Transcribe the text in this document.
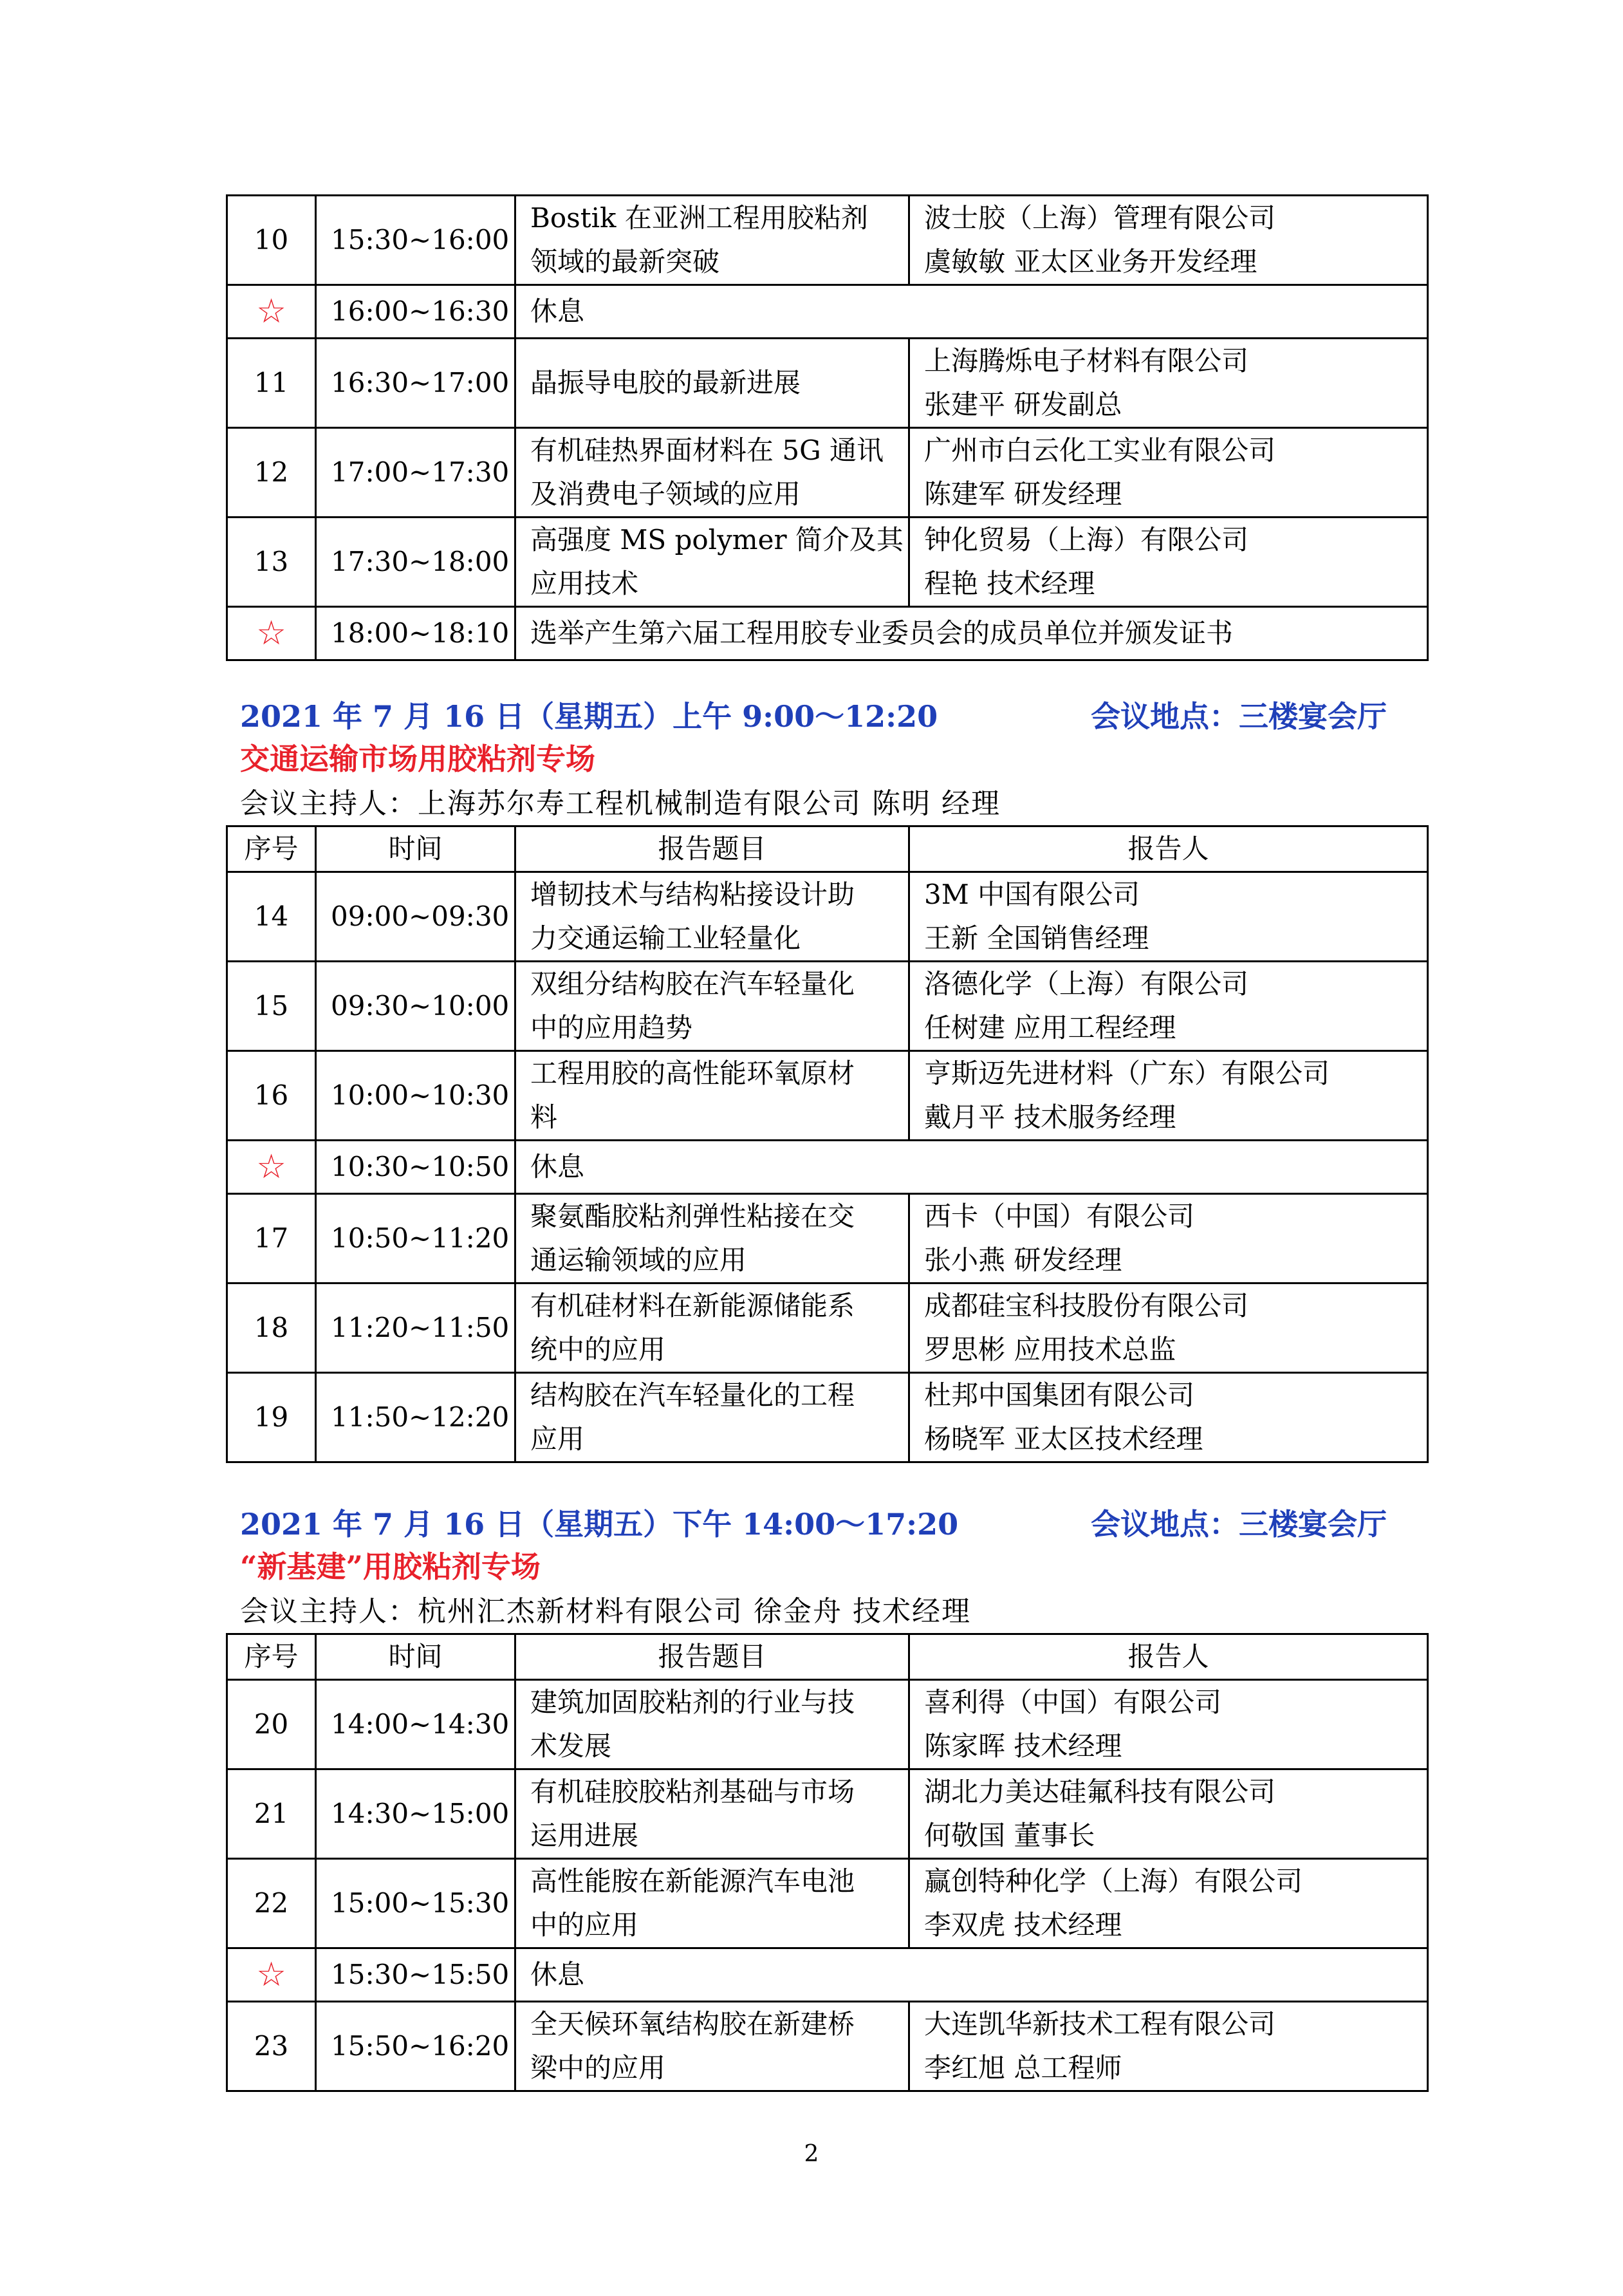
10	15:30~16:00	Bostik 在亚洲工程用胶粘剂
领域的最新突破	波士胶（上海）管理有限公司
虞敏敏 亚太区业务开发经理

☆	16:00~16:30	休息	

11	16:30~17:00	晶振导电胶的最新进展	上海腾烁电子材料有限公司
张建平 研发副总

12	17:00~17:30	有机硅热界面材料在 5G 通讯
及消费电子领域的应用	广州市白云化工实业有限公司
陈建军 研发经理

13	17:30~18:00	高强度 MS polymer 简介及其
应用技术	钟化贸易（上海）有限公司
程艳 技术经理

☆	18:00~18:10	选举产生第六届工程用胶专业委员会的成员单位并颁发证书	
2021 年 7 月 16 日（星期五）上午 9:00～12:20	会议地点：三楼宴会厅
交通运输市场用胶粘剂专场
会议主持人：上海苏尔寿工程机械制造有限公司 陈明 经理
序号	时间	报告题目	报告人
14	09:00~09:30	增韧技术与结构粘接设计助
力交通运输工业轻量化	3M 中国有限公司
王新 全国销售经理

15	09:30~10:00	双组分结构胶在汽车轻量化
中的应用趋势	洛德化学（上海）有限公司
任树建 应用工程经理

16	10:00~10:30	工程用胶的高性能环氧原材
料	亨斯迈先进材料（广东）有限公司
戴月平 技术服务经理

☆	10:30~10:50	休息	

17	10:50~11:20	聚氨酯胶粘剂弹性粘接在交
通运输领域的应用	西卡（中国）有限公司
张小燕 研发经理

18	11:20~11:50	有机硅材料在新能源储能系
统中的应用	成都硅宝科技股份有限公司
罗思彬 应用技术总监

19	11:50~12:20	结构胶在汽车轻量化的工程
应用	杜邦中国集团有限公司
杨晓军 亚太区技术经理
2021 年 7 月 16 日（星期五）下午 14:00～17:20	会议地点：三楼宴会厅
“新基建”用胶粘剂专场
会议主持人：杭州汇杰新材料有限公司 徐金舟 技术经理
序号	时间	报告题目	报告人
20	14:00~14:30	建筑加固胶粘剂的行业与技
术发展	喜利得（中国）有限公司
陈家晖 技术经理

21	14:30~15:00	有机硅胶胶粘剂基础与市场
运用进展	湖北力美达硅氟科技有限公司
何敬国 董事长

22	15:00~15:30	高性能胺在新能源汽车电池
中的应用	赢创特种化学（上海）有限公司
李双虎 技术经理

☆	15:30~15:50	休息	

23	15:50~16:20	全天候环氧结构胶在新建桥
梁中的应用	大连凯华新技术工程有限公司
李红旭 总工程师
2
